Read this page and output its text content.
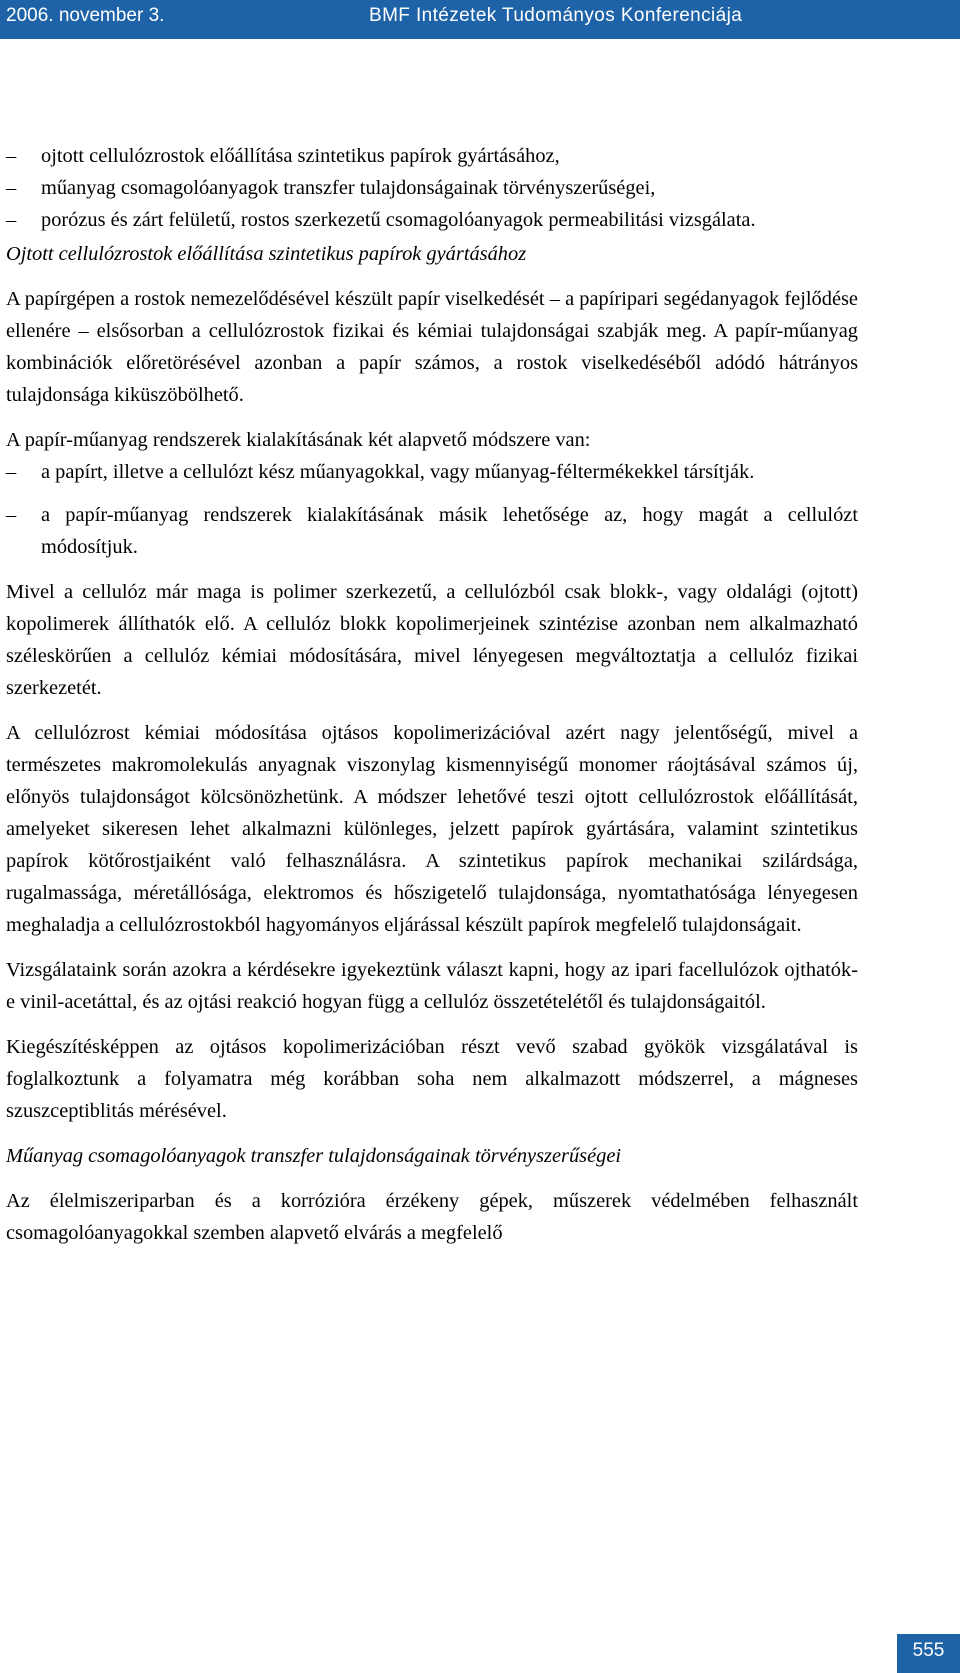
2006. november 3.	BMF Intézetek Tudományos Konferenciája
– ojtott cellulózrostok előállítása szintetikus papírok gyártásához,
– műanyag csomagolóanyagok transzfer tulajdonságainak törvényszerűségei,
– porózus és zárt felületű, rostos szerkezetű csomagolóanyagok permeabilitási vizsgálata.

Ojtott cellulózrostok előállítása szintetikus papírok gyártásához

A papírgépen a rostok nemezelődésével készült papír viselkedését – a papíripari segédanyagok fejlődése ellenére – elsősorban a cellulózrostok fizikai és kémiai tulajdonságai szabják meg. A papír-műanyag kombinációk előretörésével azonban a papír számos, a rostok viselkedéséből adódó hátrányos tulajdonsága kiküszöbölhető.

A papír-műanyag rendszerek kialakításának két alapvető módszere van:

– a papírt, illetve a cellulózt kész műanyagokkal, vagy műanyag-féltermékekkel társítják.
– a papír-műanyag rendszerek kialakításának másik lehetősége az, hogy magát a cellulózt módosítjuk.

Mivel a cellulóz már maga is polimer szerkezetű, a cellulózból csak blokk-, vagy oldalági (ojtott) kopolimerek állíthatók elő. A cellulóz blokk kopolimerjeinek szintézise azonban nem alkalmazható széleskörűen a cellulóz kémiai módosítására, mivel lényegesen megváltoztatja a cellulóz fizikai szerkezetét.

A cellulózrost kémiai módosítása ojtásos kopolimerizációval azért nagy jelentőségű, mivel a természetes makromolekulás anyagnak viszonylag kismennyiségű monomer ráojtásával számos új, előnyös tulajdonságot kölcsönözhetünk. A módszer lehetővé teszi ojtott cellulózrostok előállítását, amelyeket sikeresen lehet alkalmazni különleges, jelzett papírok gyártására, valamint szintetikus papírok kötőrostjaiként való felhasználásra. A szintetikus papírok mechanikai szilárdsága, rugalmassága, méretállósága, elektromos és hőszigetelő tulajdonsága, nyomtathatósága lényegesen meghaladja a cellulózrostokból hagyományos eljárással készült papírok megfelelő tulajdonságait.

Vizsgálataink során azokra a kérdésekre igyekeztünk választ kapni, hogy az ipari facellulózok ojthatók-e vinil-acetáttal, és az ojtási reakció hogyan függ a cellulóz összetételétől és tulajdonságaitól.

Kiegészítésképpen az ojtásos kopolimerizációban részt vevő szabad gyökök vizsgálatával is foglalkoztunk a folyamatra még korábban soha nem alkalmazott módszerrel, a mágneses szuszceptiblitás mérésével.

Műanyag csomagolóanyagok transzfer tulajdonságainak törvényszerűségei

Az élelmiszeriparban és a korrózióra érzékeny gépek, műszerek védelmében felhasznált csomagolóanyagokkal szemben alapvető elvárás a megfelelő

555
